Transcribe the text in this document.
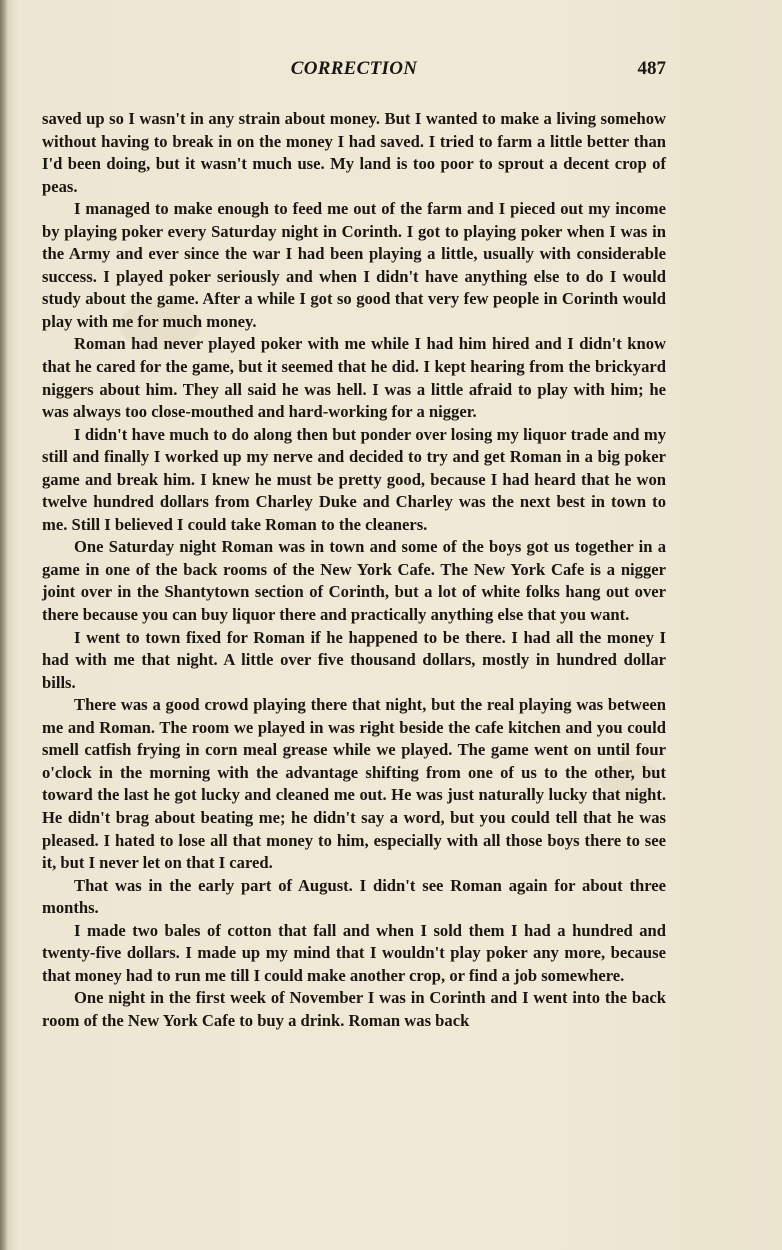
CORRECTION	487

saved up so I wasn't in any strain about money. But I wanted to make a living somehow without having to break in on the money I had saved. I tried to farm a little better than I'd been doing, but it wasn't much use. My land is too poor to sprout a decent crop of peas.

I managed to make enough to feed me out of the farm and I pieced out my income by playing poker every Saturday night in Corinth. I got to playing poker when I was in the Army and ever since the war I had been playing a little, usually with considerable success. I played poker seriously and when I didn't have anything else to do I would study about the game. After a while I got so good that very few people in Corinth would play with me for much money.

Roman had never played poker with me while I had him hired and I didn't know that he cared for the game, but it seemed that he did. I kept hearing from the brickyard niggers about him. They all said he was hell. I was a little afraid to play with him; he was always too close-mouthed and hard-working for a nigger.

I didn't have much to do along then but ponder over losing my liquor trade and my still and finally I worked up my nerve and decided to try and get Roman in a big poker game and break him. I knew he must be pretty good, because I had heard that he won twelve hundred dollars from Charley Duke and Charley was the next best in town to me. Still I believed I could take Roman to the cleaners.

One Saturday night Roman was in town and some of the boys got us together in a game in one of the back rooms of the New York Cafe. The New York Cafe is a nigger joint over in the Shantytown section of Corinth, but a lot of white folks hang out over there because you can buy liquor there and practically anything else that you want.

I went to town fixed for Roman if he happened to be there. I had all the money I had with me that night. A little over five thousand dollars, mostly in hundred dollar bills.

There was a good crowd playing there that night, but the real playing was between me and Roman. The room we played in was right beside the cafe kitchen and you could smell catfish frying in corn meal grease while we played. The game went on until four o'clock in the morning with the advantage shifting from one of us to the other, but toward the last he got lucky and cleaned me out. He was just naturally lucky that night. He didn't brag about beating me; he didn't say a word, but you could tell that he was pleased. I hated to lose all that money to him, especially with all those boys there to see it, but I never let on that I cared.

That was in the early part of August. I didn't see Roman again for about three months.

I made two bales of cotton that fall and when I sold them I had a hundred and twenty-five dollars. I made up my mind that I wouldn't play poker any more, because that money had to run me till I could make another crop, or find a job somewhere.

One night in the first week of November I was in Corinth and I went into the back room of the New York Cafe to buy a drink. Roman was back
